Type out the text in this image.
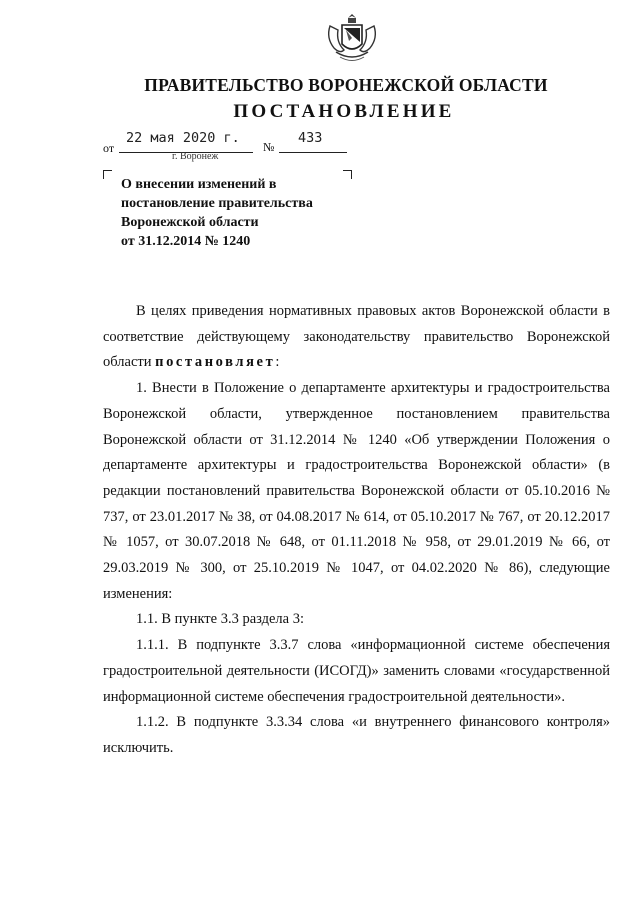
ПРАВИТЕЛЬСТВО ВОРОНЕЖСКОЙ ОБЛАСТИ
ПОСТАНОВЛЕНИЕ
от
22 мая 2020 г.
№
433
г. Воронеж
О внесении изменений в
постановление правительства
Воронежской области
от 31.12.2014 № 1240

В целях приведения нормативных правовых актов Воронежской области в соответствие действующему законодательству правительство Воронежской области постановляет:

1. Внести в Положение о департаменте архитектуры и градостроительства Воронежской области, утвержденное постановлением правительства Воронежской области от 31.12.2014 № 1240 «Об утверждении Положения о департаменте архитектуры и градостроительства Воронежской области» (в редакции постановлений правительства Воронежской области от 05.10.2016 № 737, от 23.01.2017 № 38, от 04.08.2017 № 614, от 05.10.2017 № 767, от 20.12.2017 № 1057, от 30.07.2018 № 648, от 01.11.2018 № 958, от 29.01.2019 № 66, от 29.03.2019 № 300, от 25.10.2019 № 1047, от 04.02.2020 № 86), следующие изменения:

1.1. В пункте 3.3 раздела 3:

1.1.1. В подпункте 3.3.7 слова «информационной системе обеспечения градостроительной деятельности (ИСОГД)» заменить словами «государственной информационной системе обеспечения градостроительной деятельности».

1.1.2. В подпункте 3.3.34 слова «и внутреннего финансового контроля» исключить.
